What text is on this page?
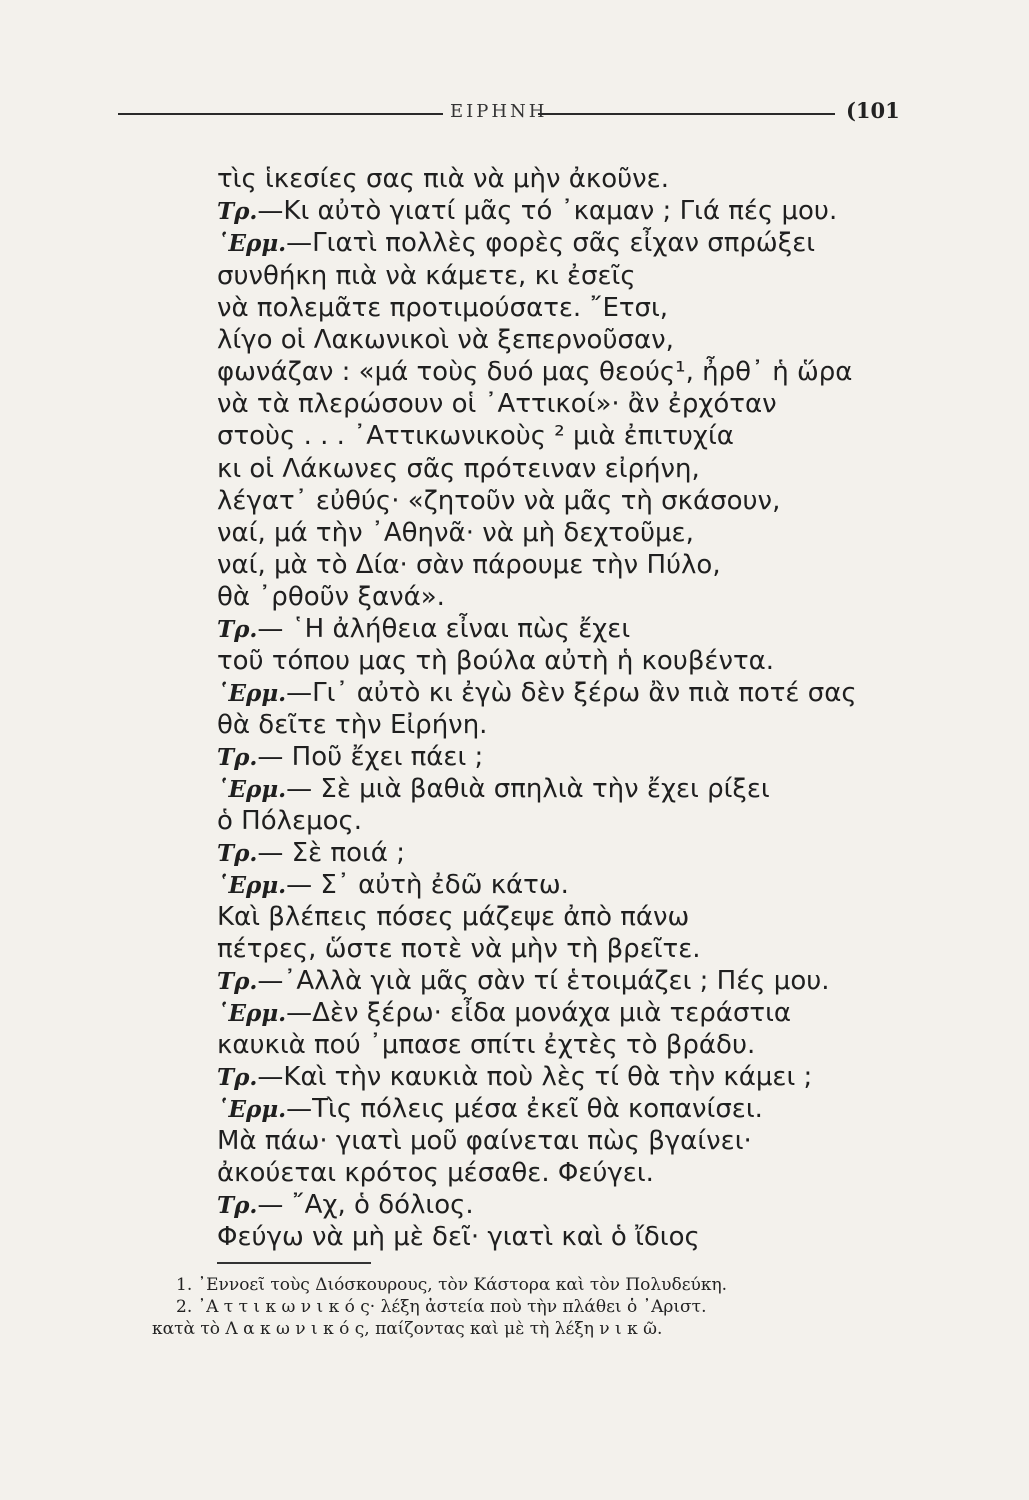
ΕΙΡΗΝΗ	(101
τὶς ἱκεσίες σας πιὰ νὰ μὴν ἀκοῦνε.
Τρ.—Κι αὐτὸ γιατί μᾶς τό ᾿καμαν ; Γιά πές μου.
῾Ερμ.—Γιατὶ πολλὲς φορὲς σᾶς εἶχαν σπρώξει
συνθήκη πιὰ νὰ κάμετε, κι ἐσεῖς
νὰ πολεμᾶτε προτιμούσατε. ῎Ετσι,
λίγο οἱ Λακωνικοὶ νὰ ξεπερνοῦσαν,
φωνάζαν : «μά τοὺς δυό μας θεούς¹, ἦρθ᾿ ἡ ὥρα
νὰ τὰ πλερώσουν οἱ ᾿Αττικοί»· ἂν ἐρχόταν
στοὺς . . . ᾿Αττικωνικοὺς ² μιὰ ἐπιτυχία
κι οἱ Λάκωνες σᾶς πρότειναν εἰρήνη,
λέγατ᾿ εὐθύς· «ζητοῦν νὰ μᾶς τὴ σκάσουν,
ναί, μά τὴν ᾿Αθηνᾶ· νὰ μὴ δεχτοῦμε,
ναί, μὰ τὸ Δία· σὰν πάρουμε τὴν Πύλο,
θὰ ᾿ρθοῦν ξανά».
Τρ.— ῾Η ἀλήθεια εἶναι πὼς ἔχει
τοῦ τόπου μας τὴ βούλα αὐτὴ ἡ κουβέντα.
῾Ερμ.—Γι᾿ αὐτὸ κι ἐγὼ δὲν ξέρω ἂν πιὰ ποτέ σας
θὰ δεῖτε τὴν Εἰρήνη.
Τρ.— Ποῦ ἔχει πάει ;
῾Ερμ.— Σὲ μιὰ βαθιὰ σπηλιὰ τὴν ἔχει ρίξει
ὁ Πόλεμος.
Τρ.— Σὲ ποιά ;
῾Ερμ.— Σ᾿ αὐτὴ ἐδῶ κάτω.
Καὶ βλέπεις πόσες μάζεψε ἀπὸ πάνω
πέτρες, ὥστε ποτὲ νὰ μὴν τὴ βρεῖτε.
Τρ.—᾿Αλλὰ γιὰ μᾶς σὰν τί ἑτοιμάζει ; Πές μου.
῾Ερμ.—Δὲν ξέρω· εἶδα μονάχα μιὰ τεράστια
καυκιὰ πού ᾿μπασε σπίτι ἐχτὲς τὸ βράδυ.
Τρ.—Καὶ τὴν καυκιὰ ποὺ λὲς τί θὰ τὴν κάμει ;
῾Ερμ.—Τὶς πόλεις μέσα ἐκεῖ θὰ κοπανίσει.
Μὰ πάω· γιατὶ μοῦ φαίνεται πὼς βγαίνει·
ἀκούεται κρότος μέσαθε. Φεύγει.
Τρ.— ῎Αχ, ὁ δόλιος.
Φεύγω νὰ μὴ μὲ δεῖ· γιατὶ καὶ ὁ ἴδιος
1. ᾿Εννοεῖ τοὺς Διόσκουρους, τὸν Κάστορα καὶ τὸν Πολυδεύκη.
2. ᾿Α τ τ ι κ ω ν ι κ ό ς· λέξη ἀστεία ποὺ τὴν πλάθει ὁ ᾿Αριστ.
κατὰ τὸ Λ α κ ω ν ι κ ό ς, παίζοντας καὶ μὲ τὴ λέξη ν ι κ ῶ.
